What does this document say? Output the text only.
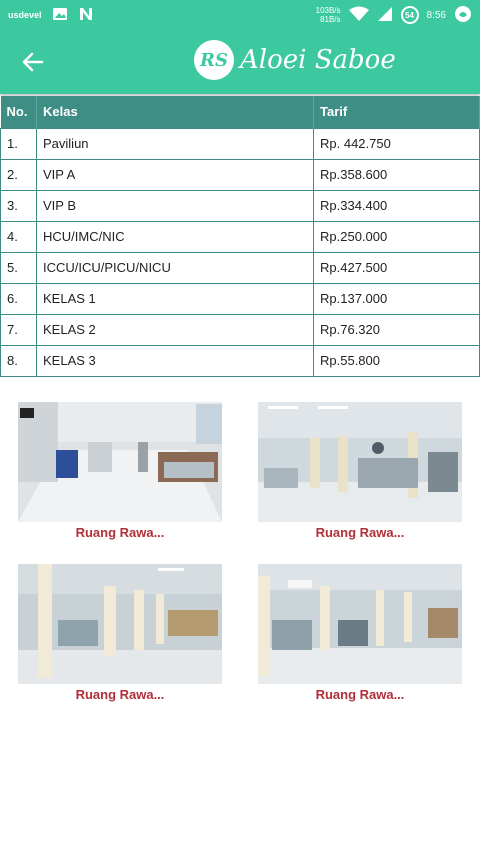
usdevel	103B/s
81B/s	54	8:56
RS Aloei Saboe
No.	Kelas	Tarif
1.	Paviliun	Rp. 442.750
2.	VIP A	Rp.358.600
3.	VIP B	Rp.334.400
4.	HCU/IMC/NIC	Rp.250.000
5.	ICCU/ICU/PICU/NICU	Rp.427.500
6.	KELAS 1	Rp.137.000
7.	KELAS 2	Rp.76.320
8.	KELAS 3	Rp.55.800
Ruang Rawa...	Ruang Rawa...
Ruang Rawa...	Ruang Rawa...
